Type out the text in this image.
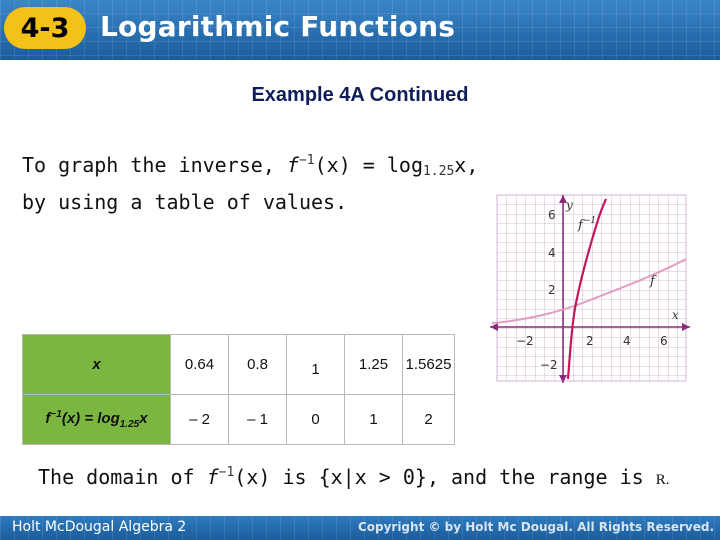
4-3	Logarithmic Functions
Example 4A Continued
To graph the inverse, $f^{-1}(x) = \log_{1.25}x$,
by using a table of values.
x	0.64	0.8	1	1.25	1.5625
$f^{-1}(x) = \log_{1.25}x$	– 2	– 1	0	1	2
−2	2 4 6
6
4
2
−2
y
x
$f^{-1}$
f
The domain of $f^{-1}(x)$ is {x|x > 0}, and the range is R.
Holt McDougal Algebra 2	Copyright © by Holt Mc Dougal. All Rights Reserved.
